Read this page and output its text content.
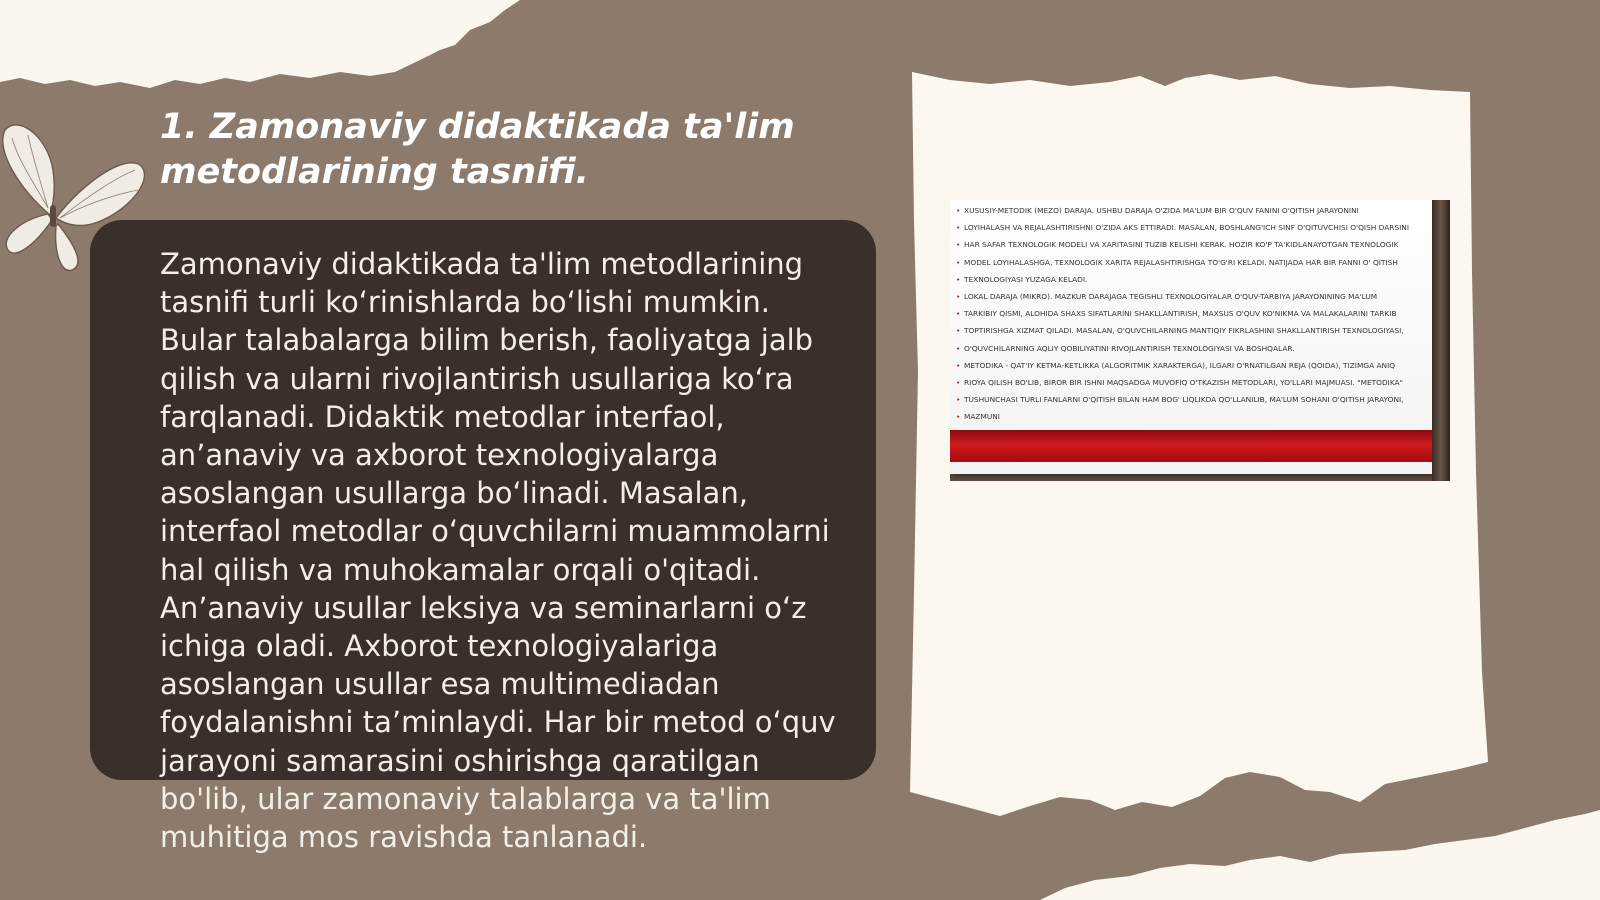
1. Zamonaviy didaktikada ta'lim metodlarining tasnifi.
Zamonaviy didaktikada ta'lim metodlarining tasnifi turli koʻrinishlarda boʻlishi mumkin. Bular talabalarga bilim berish, faoliyatga jalb qilish va ularni rivojlantirish usullariga koʻra farqlanadi. Didaktik metodlar interfaol, anʼanaviy va axborot texnologiyalarga asoslangan usullarga boʻlinadi. Masalan, interfaol metodlar oʻquvchilarni muammolarni hal qilish va muhokamalar orqali o'qitadi. Anʼanaviy usullar leksiya va seminarlarni oʻz ichiga oladi. Axborot texnologiyalariga asoslangan usullar esa multimediadan foydalanishni taʼminlaydi. Har bir metod oʻquv jarayoni samarasini oshirishga qaratilgan bo'lib, ular zamonaviy talablarga va ta'lim muhitiga mos ravishda tanlanadi.
• XUSUSIY-METODIK (MEZO) DARAJA. USHBU DARAJA O'ZIDA MA'LUM BIR O'QUV FANINI O'QITISH JARAYONINI
• LOYIHALASH VA REJALASHTIRISHNI O'ZIDA AKS ETTIRADI. MASALAN, BOSHLANG'ICH SINF O'QITUVCHISI O'QISH DARSINI
• HAR SAFAR TEXNOLOGIK MODELI VA XARITASINI TUZIB KELISHI KERAK. HOZIR KO'P TA'KIDLANAYOTGAN TEXNOLOGIK
• MODEL LOYIHALASHGA, TEXNOLOGIK XARITA REJALASHTIRISHGA TO'G'RI KELADI. NATIJADA HAR BIR FANNI O' QITISH
• TEXNOLOGIYASI YUZAGA KELADI.
• LOKAL DARAJA (MIKRO). MAZKUR DARAJAGA TEGISHLI TEXNOLOGIYALAR O'QUV-TARBIYA JARAYONINING MA'LUM
• TARKIBIY QISMI, ALOHIDA SHAXS SIFATLARINI SHAKLLANTIRISH, MAXSUS O'QUV KO'NIKMA VA MALAKALARINI TARKIB
• TOPTIRISHGA XIZMAT QILADI. MASALAN, O'QUVCHILARNING MANTIQIY FIKRLASHINI SHAKLLANTIRISH TEXNOLOGIYASI,
• O'QUVCHILARNING AQLIY QOBILIYATINI RIVOJLANTIRISH TEXNOLOGIYASI VA BOSHQALAR.
• METODIKA - QAT'IY KETMA-KETLIKKA (ALGORITMIK XARAKTERGA), ILGARI O'RNATILGAN REJA (QOIDA), TIZIMGA ANIQ
• RIOYA QILISH BO'LIB, BIROR BIR ISHNI MAQSADGA MUVOFIQ O'TKAZISH METODLARI, YO'LLARI MAJMUASI. "METODIKA"
• TUSHUNCHASI TURLI FANLARNI O'QITISH BILAN HAM BOG' LIQLIKDA QO'LLANILIB, MA'LUM SOHANI O'QITISH JARAYONI,
• MAZMUNI
